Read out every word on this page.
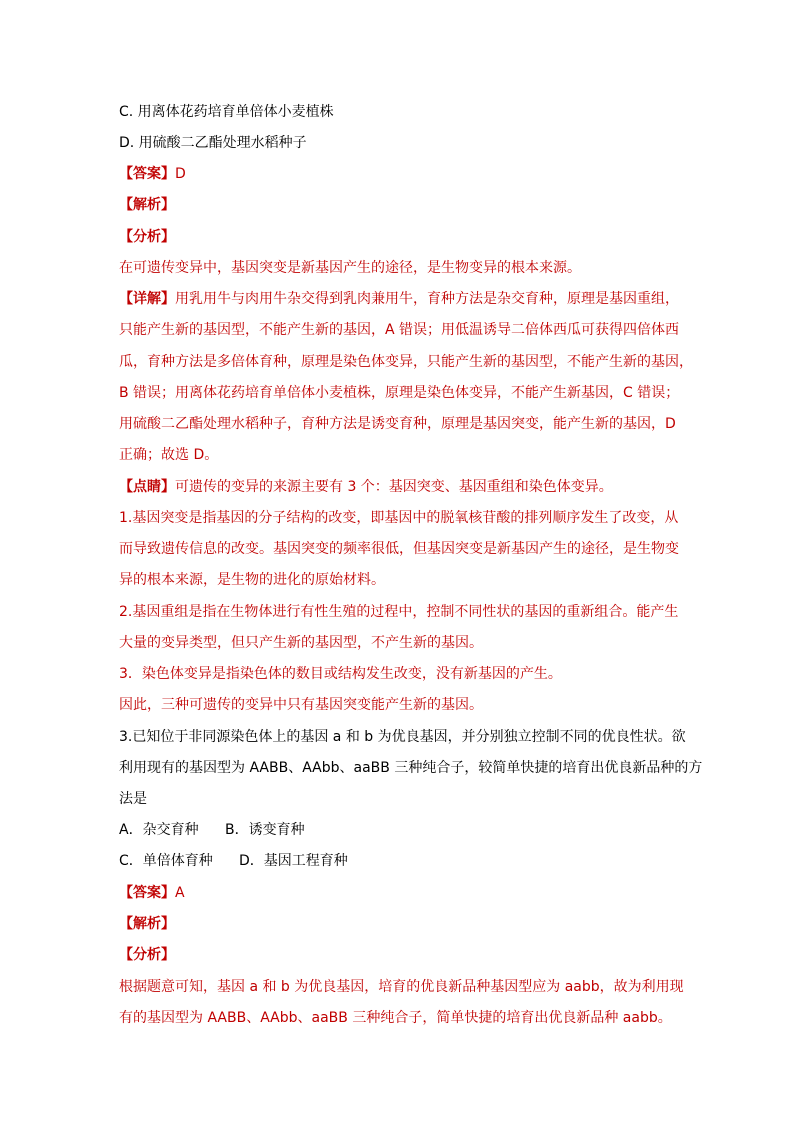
C. 用离体花药培育单倍体小麦植株
D. 用硫酸二乙酯处理水稻种子
【答案】D
【解析】
【分析】
在可遗传变异中，基因突变是新基因产生的途径，是生物变异的根本来源。
【详解】用乳用牛与肉用牛杂交得到乳肉兼用牛，育种方法是杂交育种，原理是基因重组，
只能产生新的基因型，不能产生新的基因，A 错误；用低温诱导二倍体西瓜可获得四倍体西
瓜，育种方法是多倍体育种，原理是染色体变异，只能产生新的基因型，不能产生新的基因，
B 错误；用离体花药培育单倍体小麦植株，原理是染色体变异，不能产生新基因，C 错误；
用硫酸二乙酯处理水稻种子，育种方法是诱变育种，原理是基因突变，能产生新的基因，D
正确；故选 D。
【点睛】可遗传的变异的来源主要有 3 个：基因突变、基因重组和染色体变异。
1.基因突变是指基因的分子结构的改变，即基因中的脱氧核苷酸的排列顺序发生了改变，从
而导致遗传信息的改变。基因突变的频率很低，但基因突变是新基因产生的途径，是生物变
异的根本来源，是生物的进化的原始材料。
2.基因重组是指在生物体进行有性生殖的过程中，控制不同性状的基因的重新组合。能产生
大量的变异类型，但只产生新的基因型，不产生新的基因。
3．染色体变异是指染色体的数目或结构发生改变，没有新基因的产生。
因此，三种可遗传的变异中只有基因突变能产生新的基因。
3.已知位于非同源染色体上的基因 a 和 b 为优良基因，并分别独立控制不同的优良性状。欲
利用现有的基因型为 AABB、AAbb、aaBB 三种纯合子，较简单快捷的培育出优良新品种的方
法是
A．杂交育种 B．诱变育种
C．单倍体育种 D．基因工程育种
【答案】A
【解析】
【分析】
根据题意可知，基因 a 和 b 为优良基因，培育的优良新品种基因型应为 aabb，故为利用现
有的基因型为 AABB、AAbb、aaBB 三种纯合子，简单快捷的培育出优良新品种 aabb。
